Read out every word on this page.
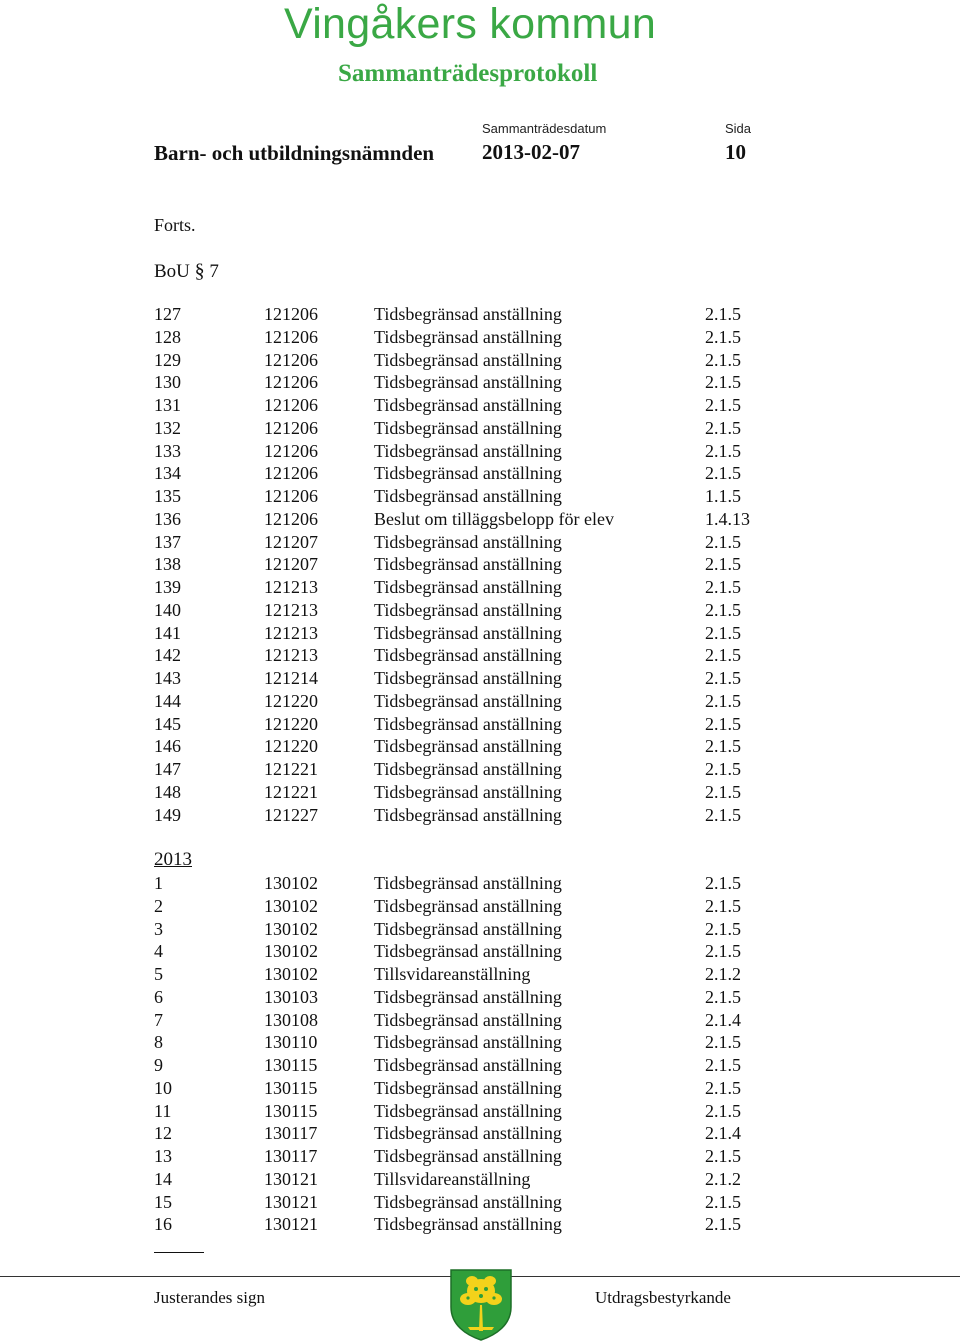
Vingåkers kommun
Sammanträdesprotokoll
Sammanträdesdatum	Sida
Barn- och utbildningsnämnden	2013-02-07	10
Forts.
BoU § 7
127	121206	Tidsbegränsad anställning	2.1.5
128	121206	Tidsbegränsad anställning	2.1.5
129	121206	Tidsbegränsad anställning	2.1.5
130	121206	Tidsbegränsad anställning	2.1.5
131	121206	Tidsbegränsad anställning	2.1.5
132	121206	Tidsbegränsad anställning	2.1.5
133	121206	Tidsbegränsad anställning	2.1.5
134	121206	Tidsbegränsad anställning	2.1.5
135	121206	Tidsbegränsad anställning	1.1.5
136	121206	Beslut om tilläggsbelopp för elev	1.4.13
137	121207	Tidsbegränsad anställning	2.1.5
138	121207	Tidsbegränsad anställning	2.1.5
139	121213	Tidsbegränsad anställning	2.1.5
140	121213	Tidsbegränsad anställning	2.1.5
141	121213	Tidsbegränsad anställning	2.1.5
142	121213	Tidsbegränsad anställning	2.1.5
143	121214	Tidsbegränsad anställning	2.1.5
144	121220	Tidsbegränsad anställning	2.1.5
145	121220	Tidsbegränsad anställning	2.1.5
146	121220	Tidsbegränsad anställning	2.1.5
147	121221	Tidsbegränsad anställning	2.1.5
148	121221	Tidsbegränsad anställning	2.1.5
149	121227	Tidsbegränsad anställning	2.1.5
2013
1	130102	Tidsbegränsad anställning	2.1.5
2	130102	Tidsbegränsad anställning	2.1.5
3	130102	Tidsbegränsad anställning	2.1.5
4	130102	Tidsbegränsad anställning	2.1.5
5	130102	Tillsvidareanställning	2.1.2
6	130103	Tidsbegränsad anställning	2.1.5
7	130108	Tidsbegränsad anställning	2.1.4
8	130110	Tidsbegränsad anställning	2.1.5
9	130115	Tidsbegränsad anställning	2.1.5
10	130115	Tidsbegränsad anställning	2.1.5
11	130115	Tidsbegränsad anställning	2.1.5
12	130117	Tidsbegränsad anställning	2.1.4
13	130117	Tidsbegränsad anställning	2.1.5
14	130121	Tillsvidareanställning	2.1.2
15	130121	Tidsbegränsad anställning	2.1.5
16	130121	Tidsbegränsad anställning	2.1.5
Justerandes sign	Utdragsbestyrkande
